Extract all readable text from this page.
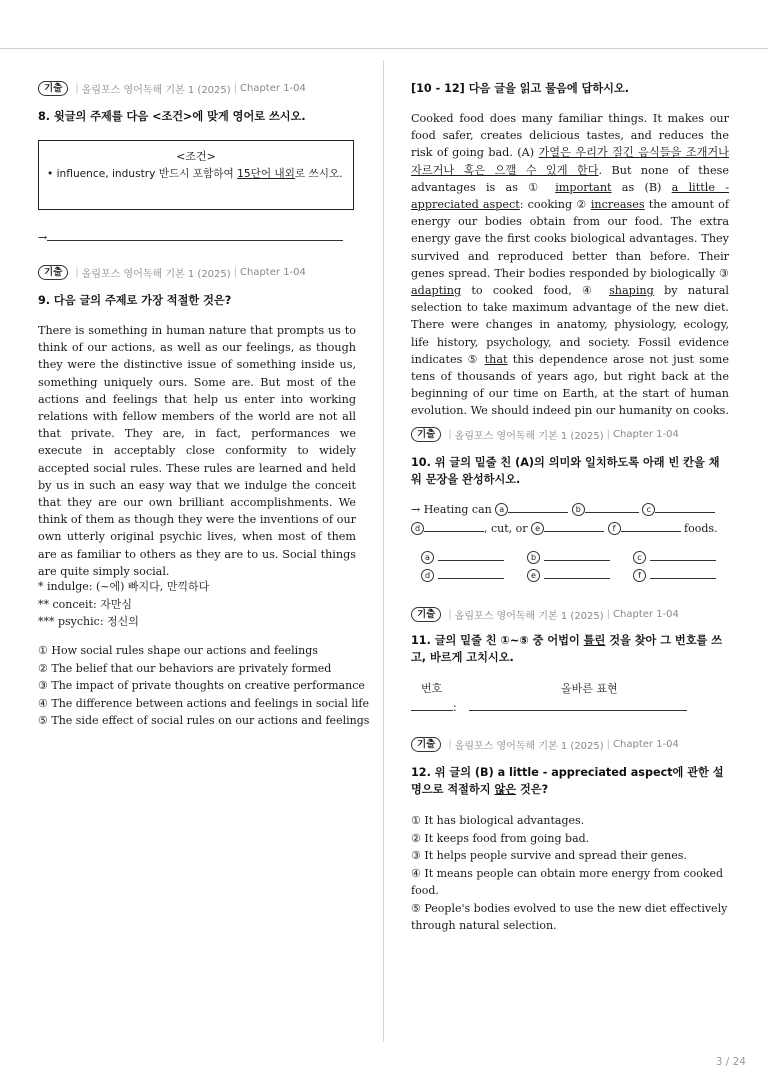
기출	| 올림포스 영어독해 기본 1 (2025) | Chapter 1-04
8. 윗글의 주제를 다음 <조건>에 맞게 영어로 쓰시오.
<조건>
• influence, industry 반드시 포함하여 15단어 내외로 쓰시오.
→
기출	| 올림포스 영어독해 기본 1 (2025) | Chapter 1-04
9. 다음 글의 주제로 가장 적절한 것은?

There is something in human nature that prompts us to think of our actions, as well as our feelings, as though they were the distinctive issue of something inside us, something uniquely ours. Some are. But most of the actions and feelings that help us enter into working relations with fellow members of the world are not all that private. They are, in fact, performances we execute in acceptably close conformity to widely accepted social rules. These rules are learned and held by us in such an easy way that we indulge the conceit that they are our own brilliant accomplishments. We think of them as though they were the inventions of our own utterly original psychic lives, when most of them are as familiar to others as they are to us. Social things are quite simply social.

* indulge: (~에) 빠지다, 만끽하다
** conceit: 자만심
*** psychic: 정신의
① How social rules shape our actions and feelings
② The belief that our behaviors are privately formed
③ The impact of private thoughts on creative performance
④ The difference between actions and feelings in social life
⑤ The side effect of social rules on our actions and feelings
[10 - 12] 다음 글을 읽고 물음에 답하시오.

Cooked food does many familiar things. It makes our food safer, creates delicious tastes, and reduces the risk of going bad. (A) 가열은 우리가 질긴 음식들을 조개거나 자르거나 혹은 으깰 수 있게 한다. But none of these advantages is as ① important as (B) a little - appreciated aspect: cooking ② increases the amount of energy our bodies obtain from our food. The extra energy gave the first cooks biological advantages. They survived and reproduced better than before. Their genes spread. Their bodies responded by biologically ③ adapting to cooked food, ④ shaping by natural selection to take maximum advantage of the new diet. There were changes in anatomy, physiology, ecology, life history, psychology, and society. Fossil evidence indicates ⑤ that this dependence arose not just some tens of thousands of years ago, but right back at the beginning of our time on Earth, at the start of human evolution. We should indeed pin our humanity on cooks.

기출	| 올림포스 영어독해 기본 1 (2025) | Chapter 1-04
10. 위 글의 밑줄 친 (A)의 의미와 일치하도록 아래 빈 칸을 채워 문장을 완성하시오.
→ Heating can a	b	c
d	, cut, or e	f	foods.
a	b	c
d	e	f
기출	| 올림포스 영어독해 기본 1 (2025) | Chapter 1-04
11. 글의 밑줄 친 ①~⑤ 중 어법이 틀린 것을 찾아 그 번호를 쓰고, 바르게 고치시오.
번호	올바른 표현
:
기출	| 올림포스 영어독해 기본 1 (2025) | Chapter 1-04
12. 위 글의 (B) a little - appreciated aspect에 관한 설명으로 적절하지 않은 것은?
① It has biological advantages.
② It keeps food from going bad.
③ It helps people survive and spread their genes.
④ It means people can obtain more energy from cooked food.
⑤ People's bodies evolved to use the new diet effectively through natural selection.
3 / 24
